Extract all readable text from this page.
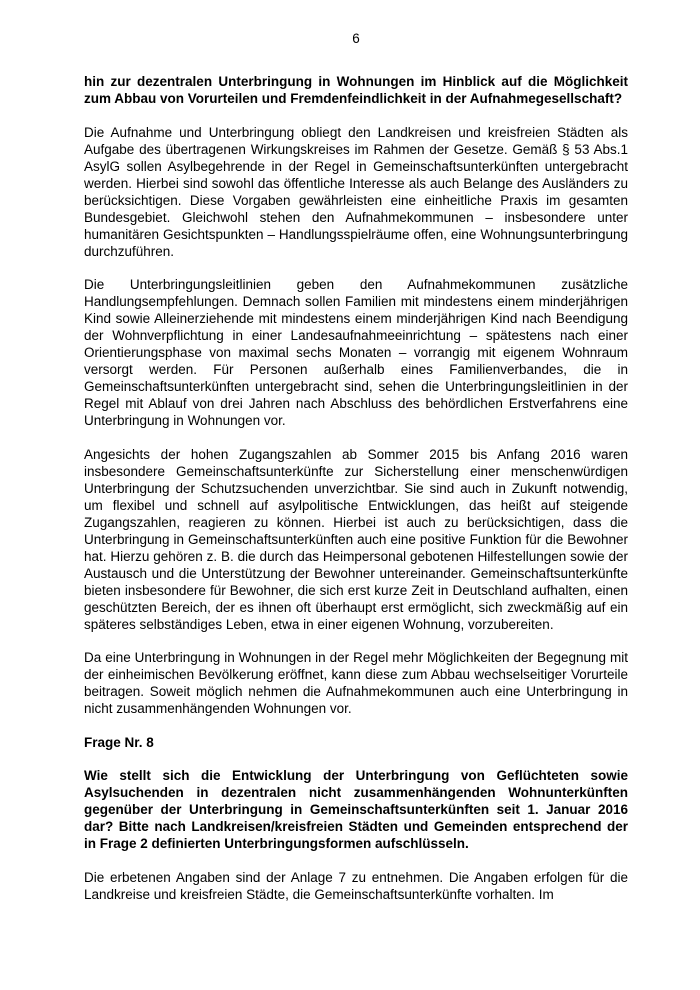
6

hin zur dezentralen Unterbringung in Wohnungen im Hinblick auf die Möglichkeit zum Abbau von Vorurteilen und Fremdenfeindlichkeit in der Aufnahmegesellschaft?

Die Aufnahme und Unterbringung obliegt den Landkreisen und kreisfreien Städten als Aufgabe des übertragenen Wirkungskreises im Rahmen der Gesetze. Gemäß § 53 Abs.1 AsylG sollen Asylbegehrende in der Regel in Gemeinschaftsunterkünften untergebracht werden. Hierbei sind sowohl das öffentliche Interesse als auch Belange des Ausländers zu berücksichtigen. Diese Vorgaben gewährleisten eine einheitliche Praxis im gesamten Bundesgebiet. Gleichwohl stehen den Aufnahmekommunen – insbesondere unter humanitären Gesichtspunkten – Handlungsspielräume offen, eine Wohnungsunterbringung durchzuführen.

Die Unterbringungsleitlinien geben den Aufnahmekommunen zusätzliche Handlungsempfehlungen. Demnach sollen Familien mit mindestens einem minderjährigen Kind sowie Alleinerziehende mit mindestens einem minderjährigen Kind nach Beendigung der Wohnverpflichtung in einer Landesaufnahmeeinrichtung – spätestens nach einer Orientierungsphase von maximal sechs Monaten – vorrangig mit eigenem Wohnraum versorgt werden. Für Personen außerhalb eines Familienverbandes, die in Gemeinschaftsunterkünften untergebracht sind, sehen die Unterbringungsleitlinien in der Regel mit Ablauf von drei Jahren nach Abschluss des behördlichen Erstverfahrens eine Unterbringung in Wohnungen vor.

Angesichts der hohen Zugangszahlen ab Sommer 2015 bis Anfang 2016 waren insbesondere Gemeinschaftsunterkünfte zur Sicherstellung einer menschenwürdigen Unterbringung der Schutzsuchenden unverzichtbar. Sie sind auch in Zukunft notwendig, um flexibel und schnell auf asylpolitische Entwicklungen, das heißt auf steigende Zugangszahlen, reagieren zu können. Hierbei ist auch zu berücksichtigen, dass die Unterbringung in Gemeinschaftsunterkünften auch eine positive Funktion für die Bewohner hat. Hierzu gehören z. B. die durch das Heimpersonal gebotenen Hilfestellungen sowie der Austausch und die Unterstützung der Bewohner untereinander. Gemeinschaftsunterkünfte bieten insbesondere für Bewohner, die sich erst kurze Zeit in Deutschland aufhalten, einen geschützten Bereich, der es ihnen oft überhaupt erst ermöglicht, sich zweckmäßig auf ein späteres selbständiges Leben, etwa in einer eigenen Wohnung, vorzubereiten.

Da eine Unterbringung in Wohnungen in der Regel mehr Möglichkeiten der Begegnung mit der einheimischen Bevölkerung eröffnet, kann diese zum Abbau wechselseitiger Vorurteile beitragen. Soweit möglich nehmen die Aufnahmekommunen auch eine Unterbringung in nicht zusammenhängenden Wohnungen vor.

Frage Nr. 8

Wie stellt sich die Entwicklung der Unterbringung von Geflüchteten sowie Asylsuchenden in dezentralen nicht zusammenhängenden Wohnunterkünften gegenüber der Unterbringung in Gemeinschaftsunterkünften seit 1. Januar 2016 dar? Bitte nach Landkreisen/kreisfreien Städten und Gemeinden entsprechend der in Frage 2 definierten Unterbringungsformen aufschlüsseln.

Die erbetenen Angaben sind der Anlage 7 zu entnehmen. Die Angaben erfolgen für die Landkreise und kreisfreien Städte, die Gemeinschaftsunterkünfte vorhalten. Im
